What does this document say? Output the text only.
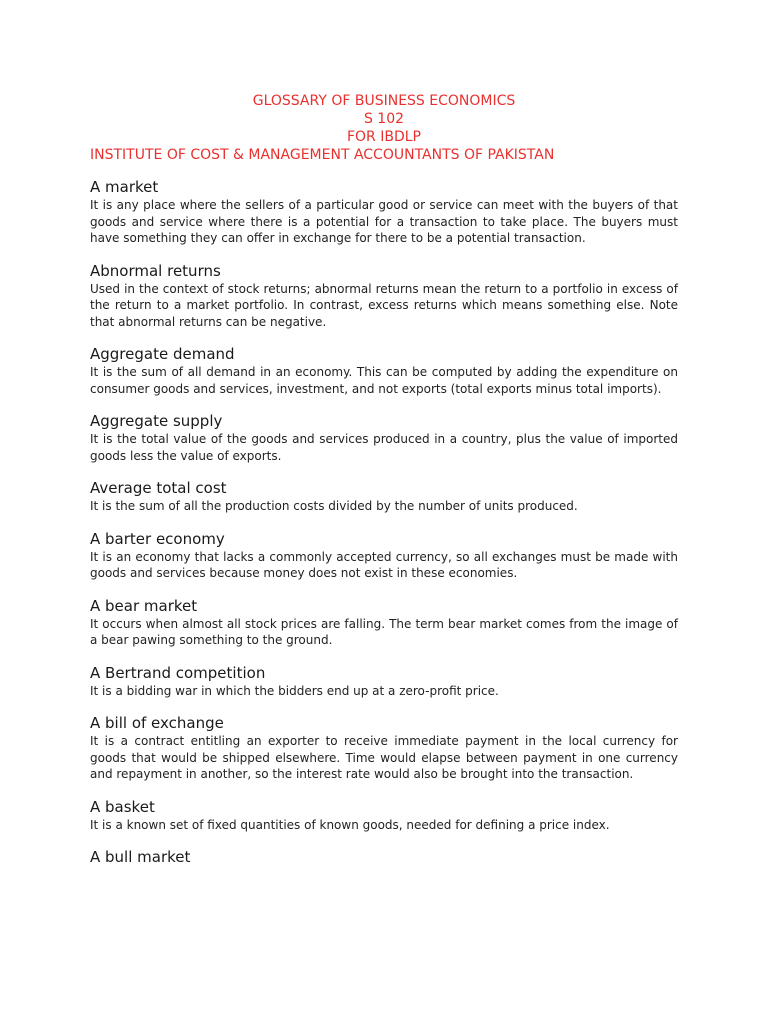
GLOSSARY OF BUSINESS ECONOMICS
S 102
FOR IBDLP
INSTITUTE OF COST & MANAGEMENT ACCOUNTANTS OF PAKISTAN
A market

It is any place where the sellers of a particular good or service can meet with the buyers of that goods and service where there is a potential for a transaction to take place. The buyers must have something they can offer in exchange for there to be a potential transaction.

Abnormal returns

Used in the context of stock returns; abnormal returns mean the return to a portfolio in excess of the return to a market portfolio. In contrast, excess returns which means something else. Note that abnormal returns can be negative.

Aggregate demand

It is the sum of all demand in an economy. This can be computed by adding the expenditure on consumer goods and services, investment, and not exports (total exports minus total imports).

Aggregate supply

It is the total value of the goods and services produced in a country, plus the value of imported goods less the value of exports.

Average total cost

It is the sum of all the production costs divided by the number of units produced.

A barter economy

It is an economy that lacks a commonly accepted currency, so all exchanges must be made with goods and services because money does not exist in these economies.

A bear market

It occurs when almost all stock prices are falling. The term bear market comes from the image of a bear pawing something to the ground.

A Bertrand competition

It is a bidding war in which the bidders end up at a zero-profit price.

A bill of exchange

It is a contract entitling an exporter to receive immediate payment in the local currency for goods that would be shipped elsewhere. Time would elapse between payment in one currency and repayment in another, so the interest rate would also be brought into the transaction.

A basket

It is a known set of fixed quantities of known goods, needed for defining a price index.

A bull market
